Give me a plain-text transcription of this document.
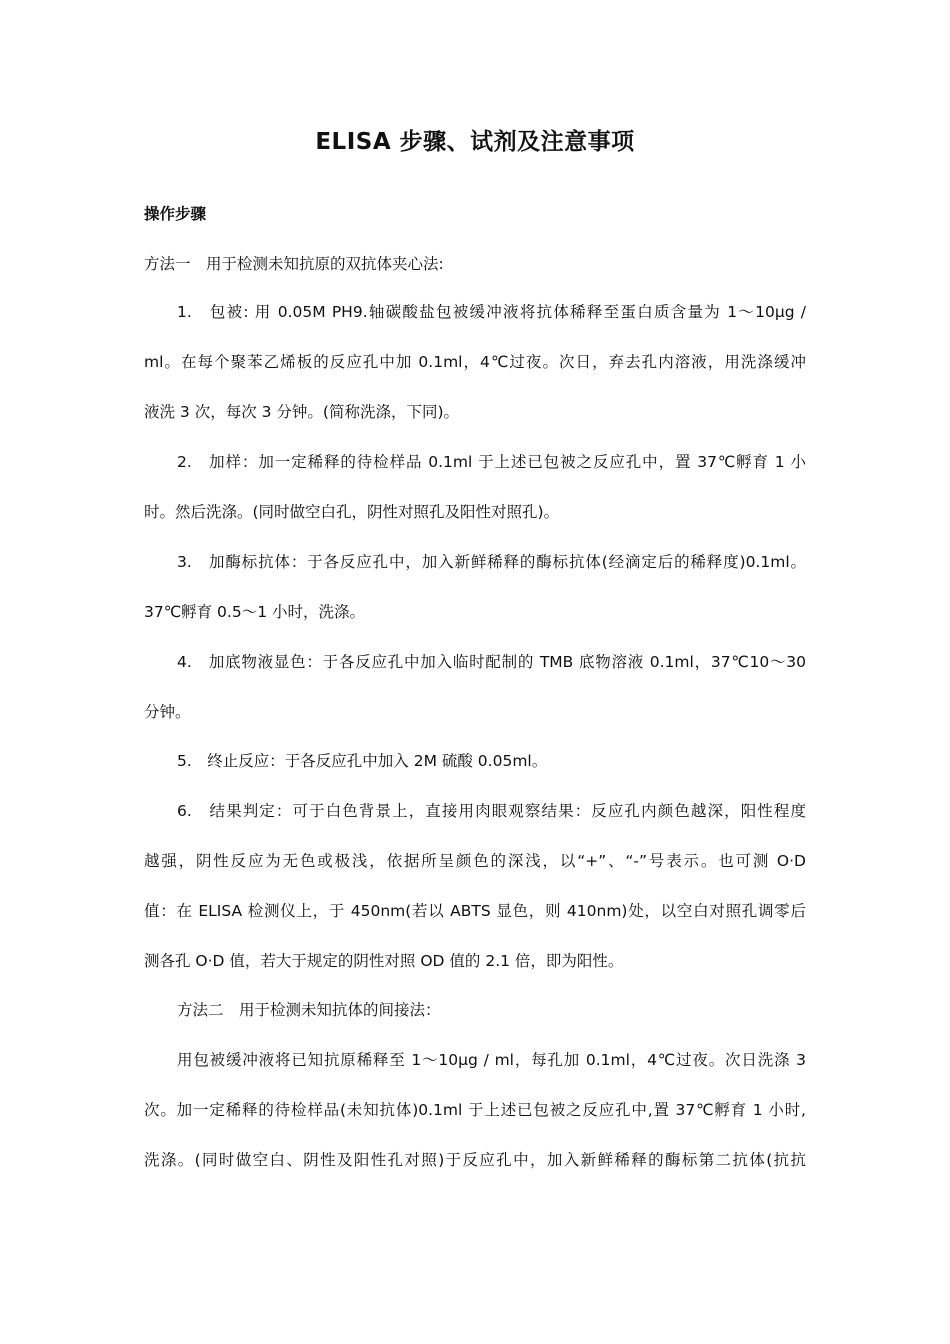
ELISA 步骤、试剂及注意事项
操作步骤
方法一　用于检测未知抗原的双抗体夹心法:
1.　包被: 用 0.05M PH9.轴碳酸盐包被缓冲液将抗体稀释至蛋白质含量为 1～10μg /
ml。在每个聚苯乙烯板的反应孔中加 0.1ml，4℃过夜。次日，弃去孔内溶液，用洗涤缓冲
液洗 3 次，每次 3 分钟。(简称洗涤，下同)。
2.　加样：加一定稀释的待检样品 0.1ml 于上述已包被之反应孔中，置 37℃孵育 1 小
时。然后洗涤。(同时做空白孔，阴性对照孔及阳性对照孔)。
3.　加酶标抗体：于各反应孔中，加入新鲜稀释的酶标抗体(经滴定后的稀释度)0.1ml。
37℃孵育 0.5～1 小时，洗涤。
4.　加底物液显色：于各反应孔中加入临时配制的 TMB 底物溶液 0.1ml，37℃10～30
分钟。
5.　终止反应：于各反应孔中加入 2M 硫酸 0.05ml。
6.　结果判定：可于白色背景上，直接用肉眼观察结果：反应孔内颜色越深，阳性程度
越强，阴性反应为无色或极浅，依据所呈颜色的深浅，以“+”、“-”号表示。也可测 O·D
值：在 ELISA 检测仪上，于 450nm(若以 ABTS 显色，则 410nm)处，以空白对照孔调零后
测各孔 O·D 值，若大于规定的阴性对照 OD 值的 2.1 倍，即为阳性。
方法二　用于检测未知抗体的间接法：
用包被缓冲液将已知抗原稀释至 1～10μg / ml，每孔加 0.1ml，4℃过夜。次日洗涤 3
次。加一定稀释的待检样品(未知抗体)0.1ml 于上述已包被之反应孔中,置 37℃孵育 1 小时,
洗涤。(同时做空白、阴性及阳性孔对照)于反应孔中，加入新鲜稀释的酶标第二抗体(抗抗
